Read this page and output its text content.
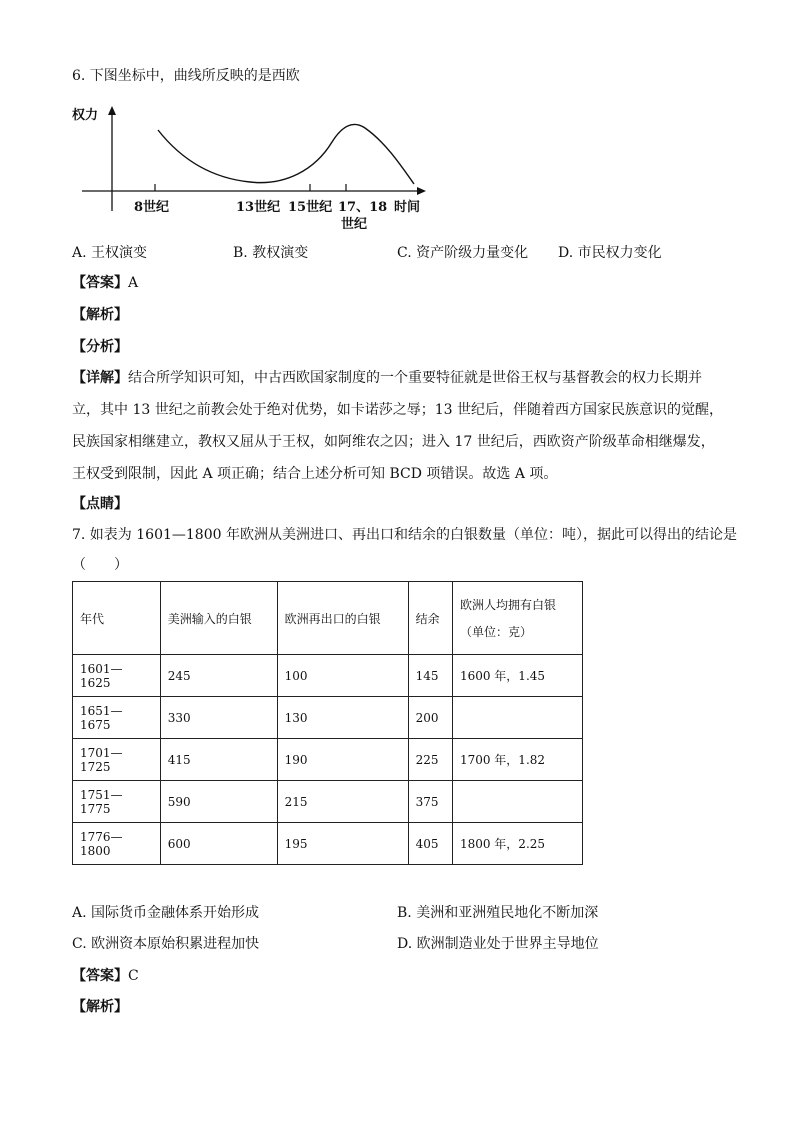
6. 下图坐标中，曲线所反映的是西欧
权力
8世纪	13世纪 15世纪 17、18
世纪
时间
A. 王权演变	B. 教权演变	C. 资产阶级力量变化 D. 市民权力变化
【答案】A
【解析】
【分析】
【详解】结合所学知识可知，中古西欧国家制度的一个重要特征就是世俗王权与基督教会的权力长期并
立，其中 13 世纪之前教会处于绝对优势，如卡诺莎之辱；13 世纪后，伴随着西方国家民族意识的觉醒，
民族国家相继建立，教权又屈从于王权，如阿维农之囚；进入 17 世纪后，西欧资产阶级革命相继爆发，
王权受到限制，因此 A 项正确；结合上述分析可知 BCD 项错误。故选 A 项。
【点睛】
7. 如表为 1601—1800 年欧洲从美洲进口、再出口和结余的白银数量（单位：吨），据此可以得出的结论是
（　　）
年代	美洲输入的白银	欧洲再出口的白银	结余	欧洲人均拥有白银
（单位：克）

1601—1625	245	100	145	1600 年，1.45
1651—1675	330	130	200	
1701—1725	415	190	225	1700 年，1.82
1751—1775	590	215	375	
1776—1800	600	195	405	1800 年，2.25
A. 国际货币金融体系开始形成	B. 美洲和亚洲殖民地化不断加深
C. 欧洲资本原始积累进程加快	D. 欧洲制造业处于世界主导地位
【答案】C
【解析】
